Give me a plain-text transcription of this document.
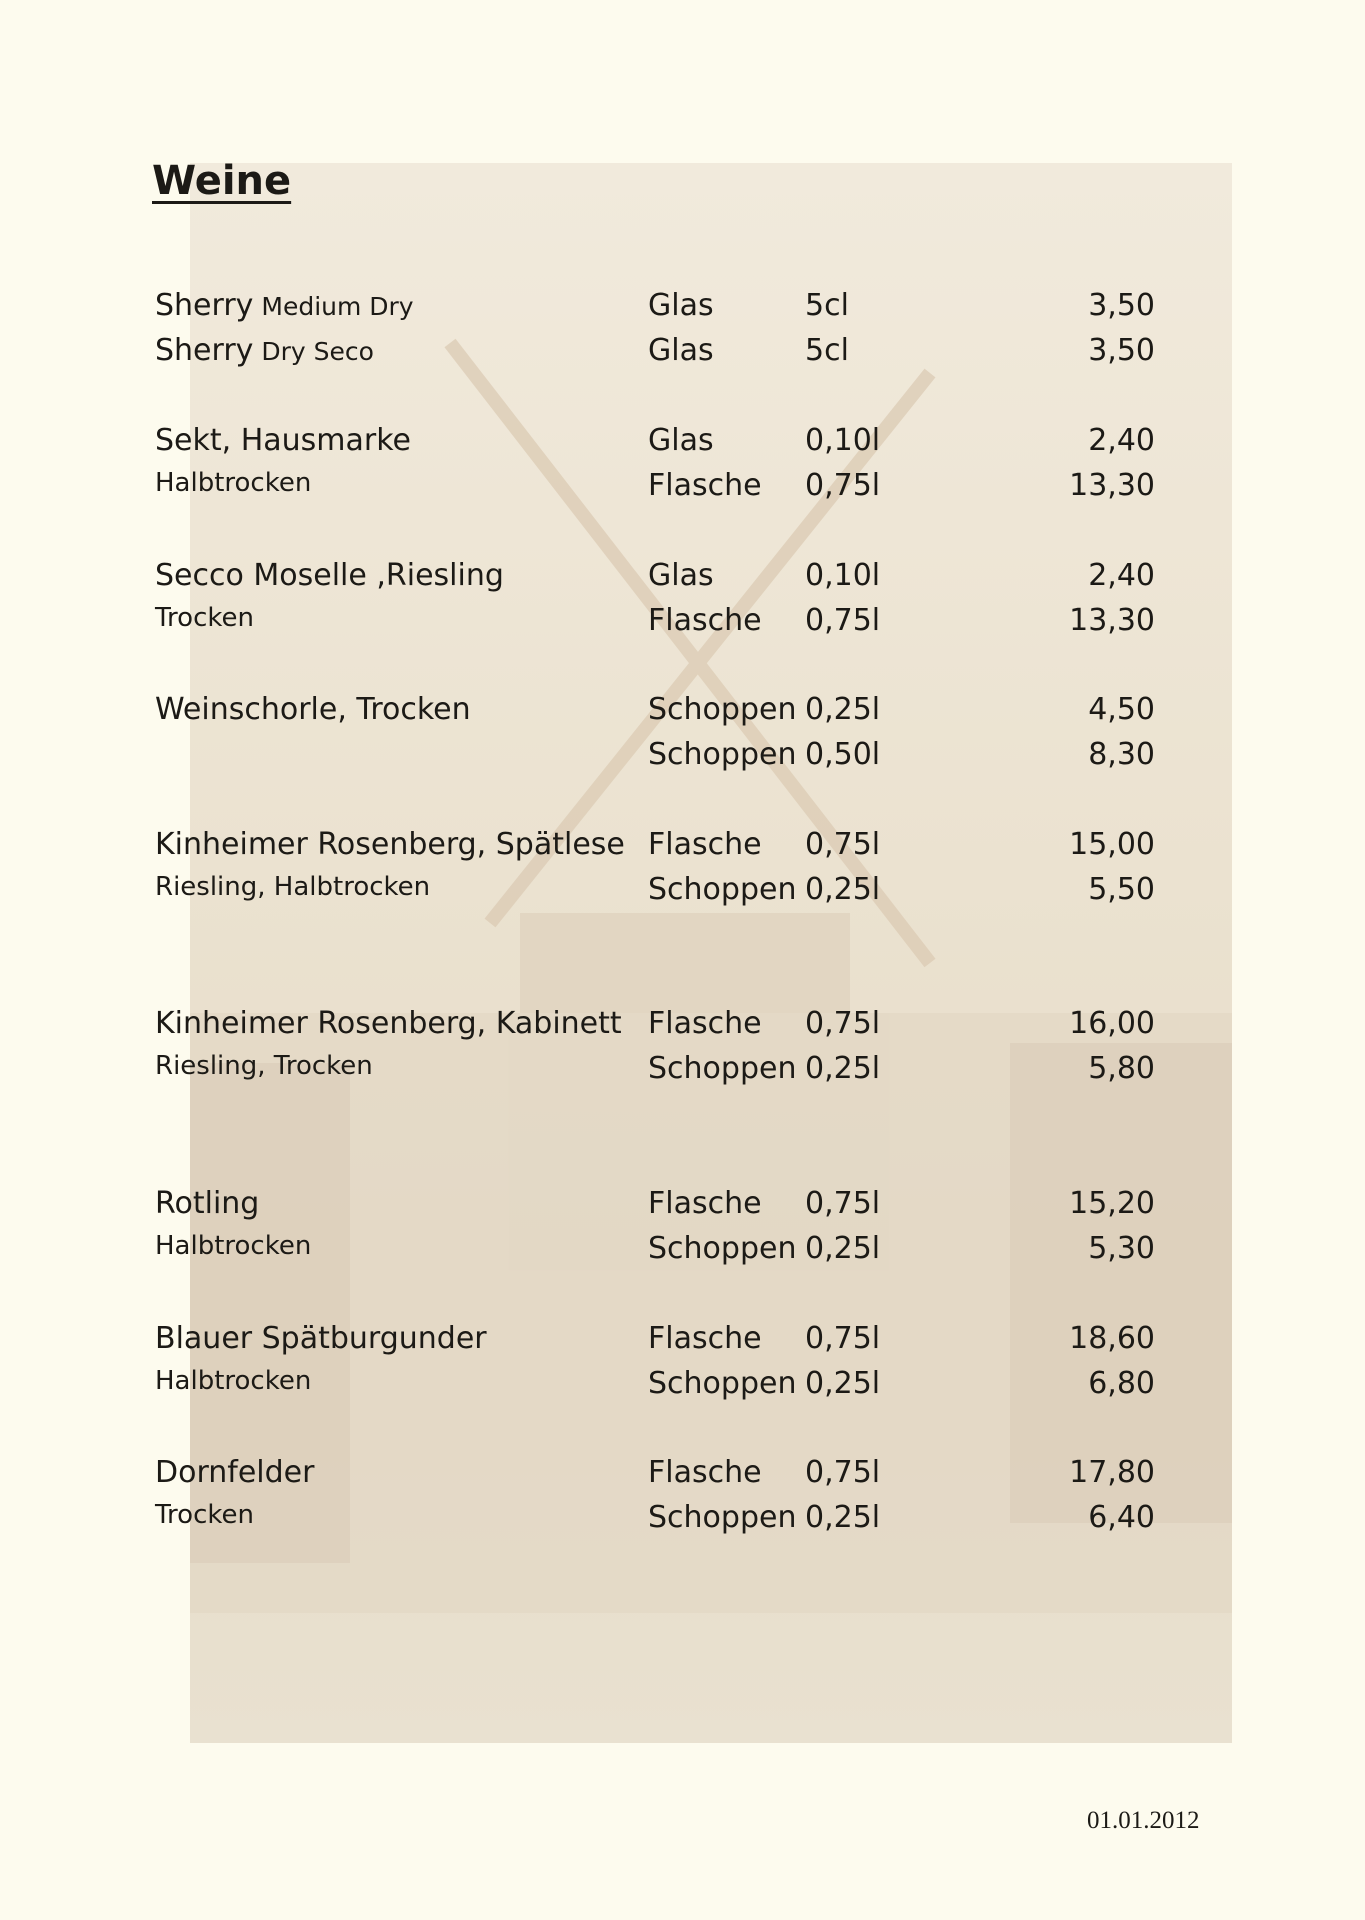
Weine
Sherry Medium Dry	Glas	5cl	3,50
Sherry Dry Seco	Glas	5cl	3,50
Sekt, Hausmarke	Glas	0,10l	2,40
Halbtrocken	Flasche 0,75l	13,30
Secco Moselle ,Riesling	Glas	0,10l	2,40
Trocken	Flasche 0,75l	13,30
Weinschorle, Trocken	Schoppen 0,25l	4,50
Schoppen 0,50l	8,30
Kinheimer Rosenberg, Spätlese Flasche 0,75l	15,00
Riesling, Halbtrocken	Schoppen 0,25l	5,50
Kinheimer Rosenberg, Kabinett Flasche 0,75l	16,00
Riesling, Trocken	Schoppen 0,25l	5,80
Rotling	Flasche 0,75l	15,20
Halbtrocken	Schoppen 0,25l	5,30
Blauer Spätburgunder	Flasche 0,75l	18,60
Halbtrocken	Schoppen 0,25l	6,80
Dornfelder	Flasche 0,75l	17,80
Trocken	Schoppen 0,25l	6,40
01.01.2012
